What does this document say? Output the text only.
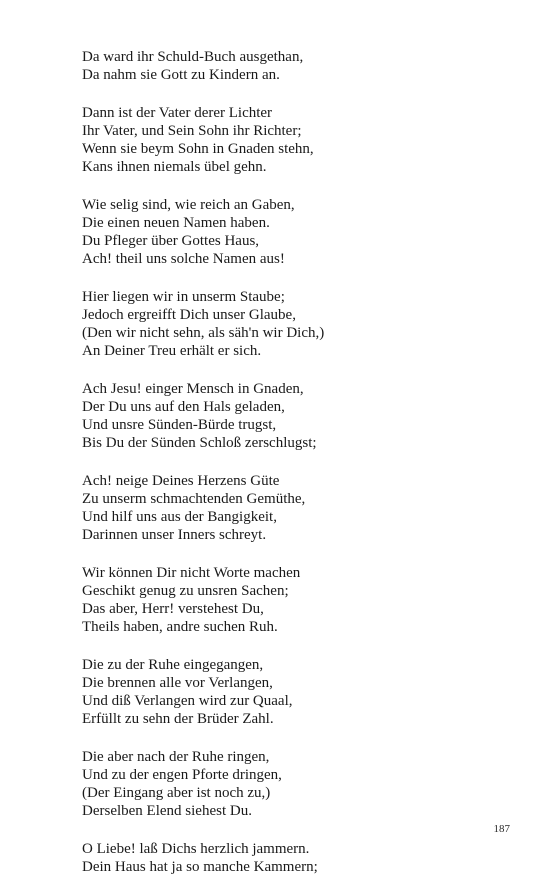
Da ward ihr Schuld-Buch ausgethan,
Da nahm sie Gott zu Kindern an.
Dann ist der Vater derer Lichter
Ihr Vater, und Sein Sohn ihr Richter;
Wenn sie beym Sohn in Gnaden stehn,
Kans ihnen niemals übel gehn.
Wie selig sind, wie reich an Gaben,
Die einen neuen Namen haben.
Du Pfleger über Gottes Haus,
Ach! theil uns solche Namen aus!
Hier liegen wir in unserm Staube;
Jedoch ergreifft Dich unser Glaube,
(Den wir nicht sehn, als säh'n wir Dich,)
An Deiner Treu erhält er sich.
Ach Jesu! einger Mensch in Gnaden,
Der Du uns auf den Hals geladen,
Und unsre Sünden-Bürde trugst,
Bis Du der Sünden Schloß zerschlugst;
Ach! neige Deines Herzens Güte
Zu unserm schmachtenden Gemüthe,
Und hilf uns aus der Bangigkeit,
Darinnen unser Inners schreyt.
Wir können Dir nicht Worte machen
Geschikt genug zu unsren Sachen;
Das aber, Herr! verstehest Du,
Theils haben, andre suchen Ruh.
Die zu der Ruhe eingegangen,
Die brennen alle vor Verlangen,
Und diß Verlangen wird zur Quaal,
Erfüllt zu sehn der Brüder Zahl.
Die aber nach der Ruhe ringen,
Und zu der engen Pforte dringen,
(Der Eingang aber ist noch zu,)
Derselben Elend siehest Du.
O Liebe! laß Dichs herzlich jammern.
Dein Haus hat ja so manche Kammern;
187
